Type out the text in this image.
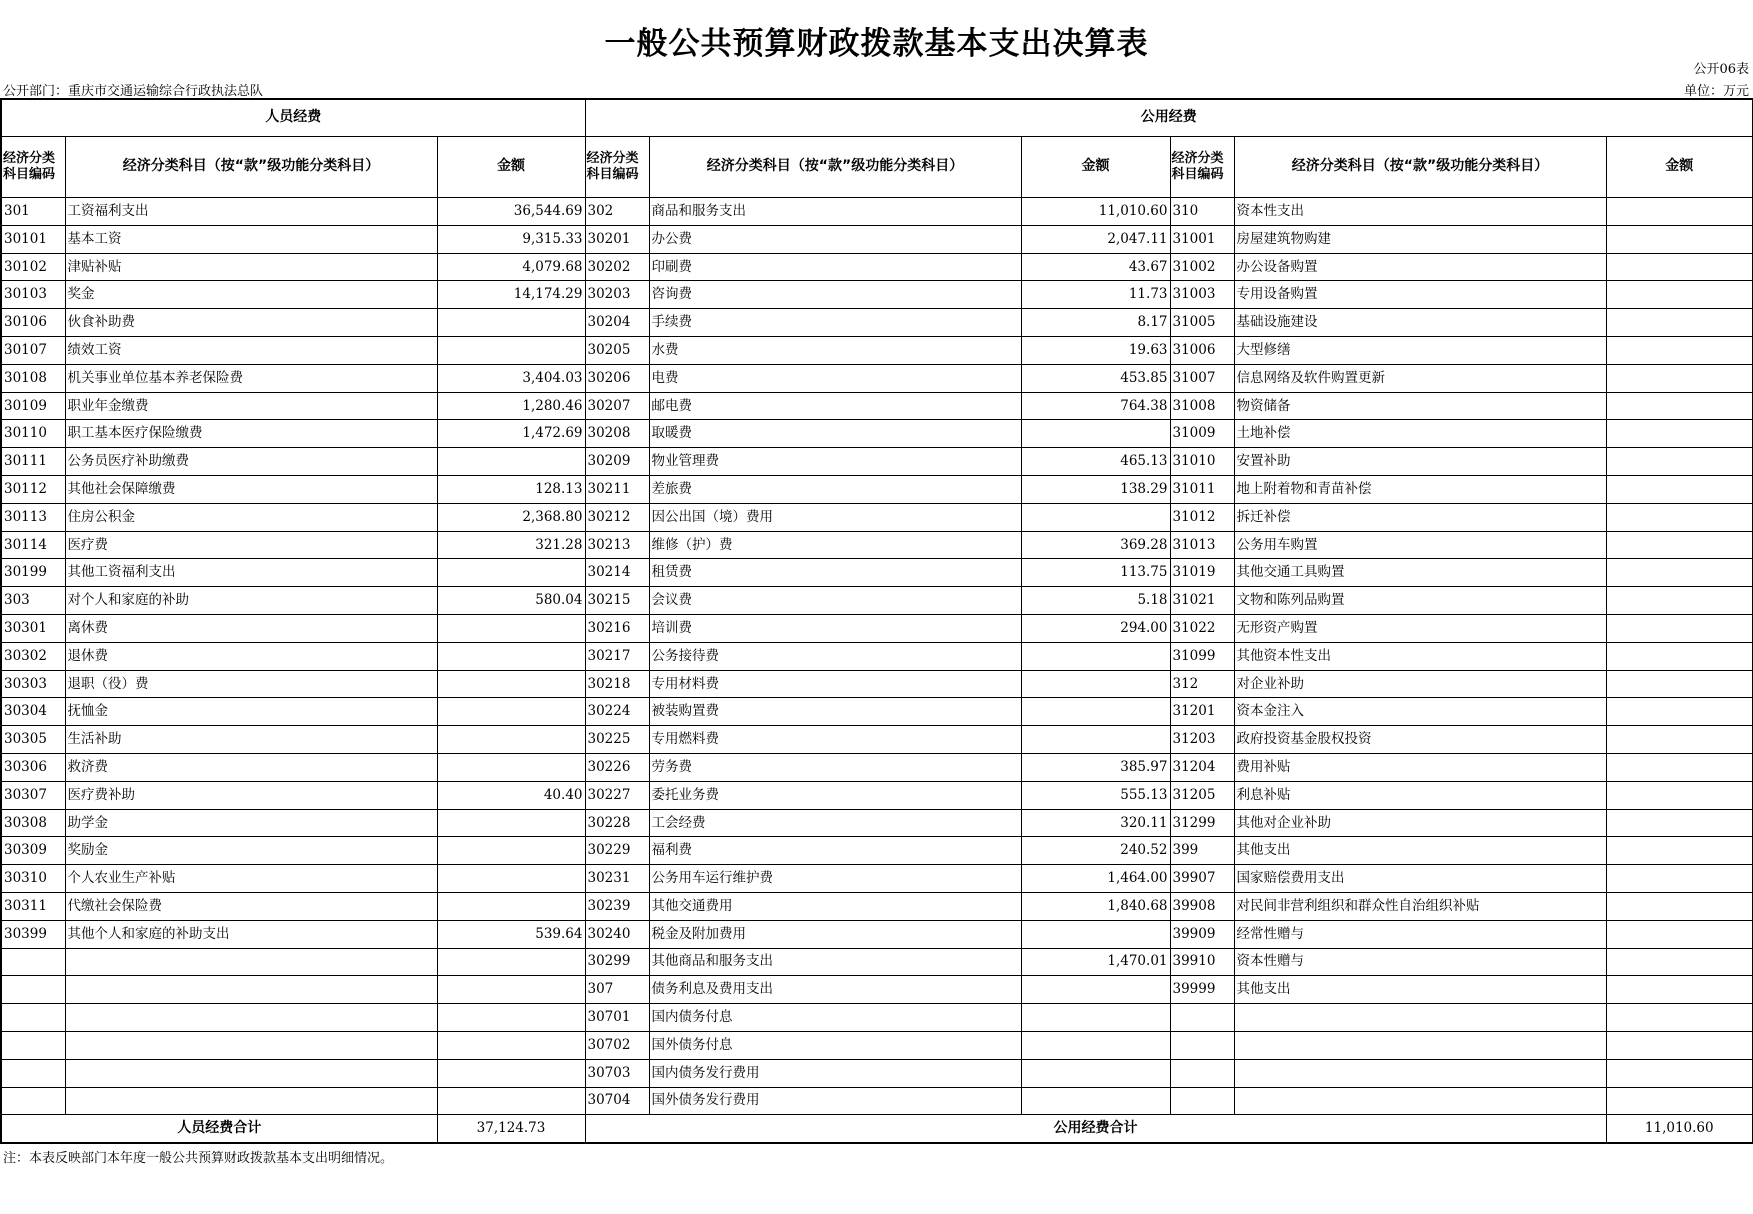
一般公共预算财政拨款基本支出决算表
公开06表
公开部门：重庆市交通运输综合行政执法总队	单位：万元
人员经费			公用经费					
经济分类科目编码	经济分类科目（按“款”级功能分类科目）	金额	经济分类科目编码	经济分类科目（按“款”级功能分类科目）	金额	经济分类科目编码	经济分类科目（按“款”级功能分类科目）	金额
301	工资福利支出	36,544.69	302	商品和服务支出	11,010.60	310	资本性支出	
30101	基本工资	9,315.33	30201	办公费	2,047.11	31001	房屋建筑物购建	
30102	津贴补贴	4,079.68	30202	印刷费	43.67	31002	办公设备购置	
30103	奖金	14,174.29	30203	咨询费	11.73	31003	专用设备购置	
30106	伙食补助费		30204	手续费	8.17	31005	基础设施建设	
30107	绩效工资		30205	水费	19.63	31006	大型修缮	
30108	机关事业单位基本养老保险费	3,404.03	30206	电费	453.85	31007	信息网络及软件购置更新	
30109	职业年金缴费	1,280.46	30207	邮电费	764.38	31008	物资储备	
30110	职工基本医疗保险缴费	1,472.69	30208	取暖费		31009	土地补偿	
30111	公务员医疗补助缴费		30209	物业管理费	465.13	31010	安置补助	
30112	其他社会保障缴费	128.13	30211	差旅费	138.29	31011	地上附着物和青苗补偿	
30113	住房公积金	2,368.80	30212	因公出国（境）费用		31012	拆迁补偿	
30114	医疗费	321.28	30213	维修（护）费	369.28	31013	公务用车购置	
30199	其他工资福利支出		30214	租赁费	113.75	31019	其他交通工具购置	
303	对个人和家庭的补助	580.04	30215	会议费	5.18	31021	文物和陈列品购置	
30301	离休费		30216	培训费	294.00	31022	无形资产购置	
30302	退休费		30217	公务接待费		31099	其他资本性支出	
30303	退职（役）费		30218	专用材料费		312	对企业补助	
30304	抚恤金		30224	被装购置费		31201	资本金注入	
30305	生活补助		30225	专用燃料费		31203	政府投资基金股权投资	
30306	救济费		30226	劳务费	385.97	31204	费用补贴	
30307	医疗费补助	40.40	30227	委托业务费	555.13	31205	利息补贴	
30308	助学金		30228	工会经费	320.11	31299	其他对企业补助	
30309	奖励金		30229	福利费	240.52	399	其他支出	
30310	个人农业生产补贴		30231	公务用车运行维护费	1,464.00	39907	国家赔偿费用支出	
30311	代缴社会保险费		30239	其他交通费用	1,840.68	39908	对民间非营利组织和群众性自治组织补贴	
30399	其他个人和家庭的补助支出	539.64	30240	税金及附加费用		39909	经常性赠与	
			30299	其他商品和服务支出	1,470.01	39910	资本性赠与	
			307	债务利息及费用支出		39999	其他支出	
			30701	国内债务付息				
			30702	国外债务付息				
			30703	国内债务发行费用				
			30704	国外债务发行费用				
人员经费合计		37,124.73	公用经费合计					11,010.60
注：本表反映部门本年度一般公共预算财政拨款基本支出明细情况。
